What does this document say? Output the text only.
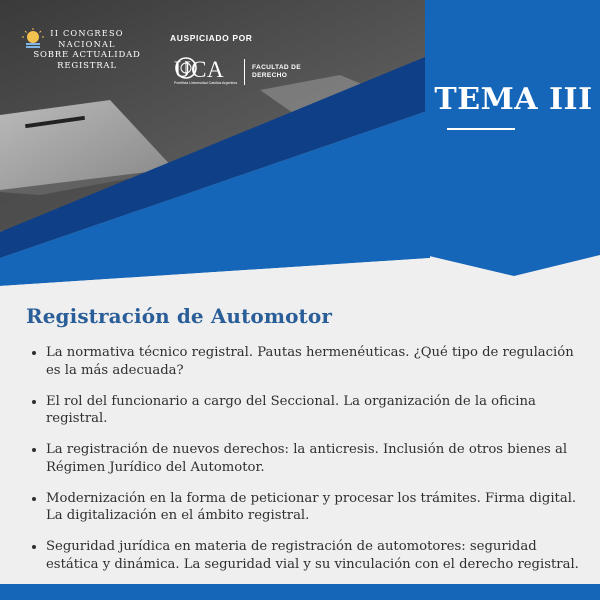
II CONGRESO NACIONAL
SOBRE ACTUALIDAD
REGISTRAL
AUSPICIADO POR
UCA
Pontificia Universidad Católica Argentina
FACULTAD DE
DERECHO
TEMA III
Registración de Automotor
La normativa técnico registral. Pautas hermenéuticas. ¿Qué tipo de regulación es la más adecuada?
El rol del funcionario a cargo del Seccional. La organización de la oficina registral.
La registración de nuevos derechos: la anticresis. Inclusión de otros bienes al Régimen Jurídico del Automotor.
Modernización en la forma de peticionar y procesar los trámites. Firma digital. La digitalización en el ámbito registral.
Seguridad jurídica en materia de registración de automotores: seguridad estática y dinámica. La seguridad vial y su vinculación con el derecho registral.
